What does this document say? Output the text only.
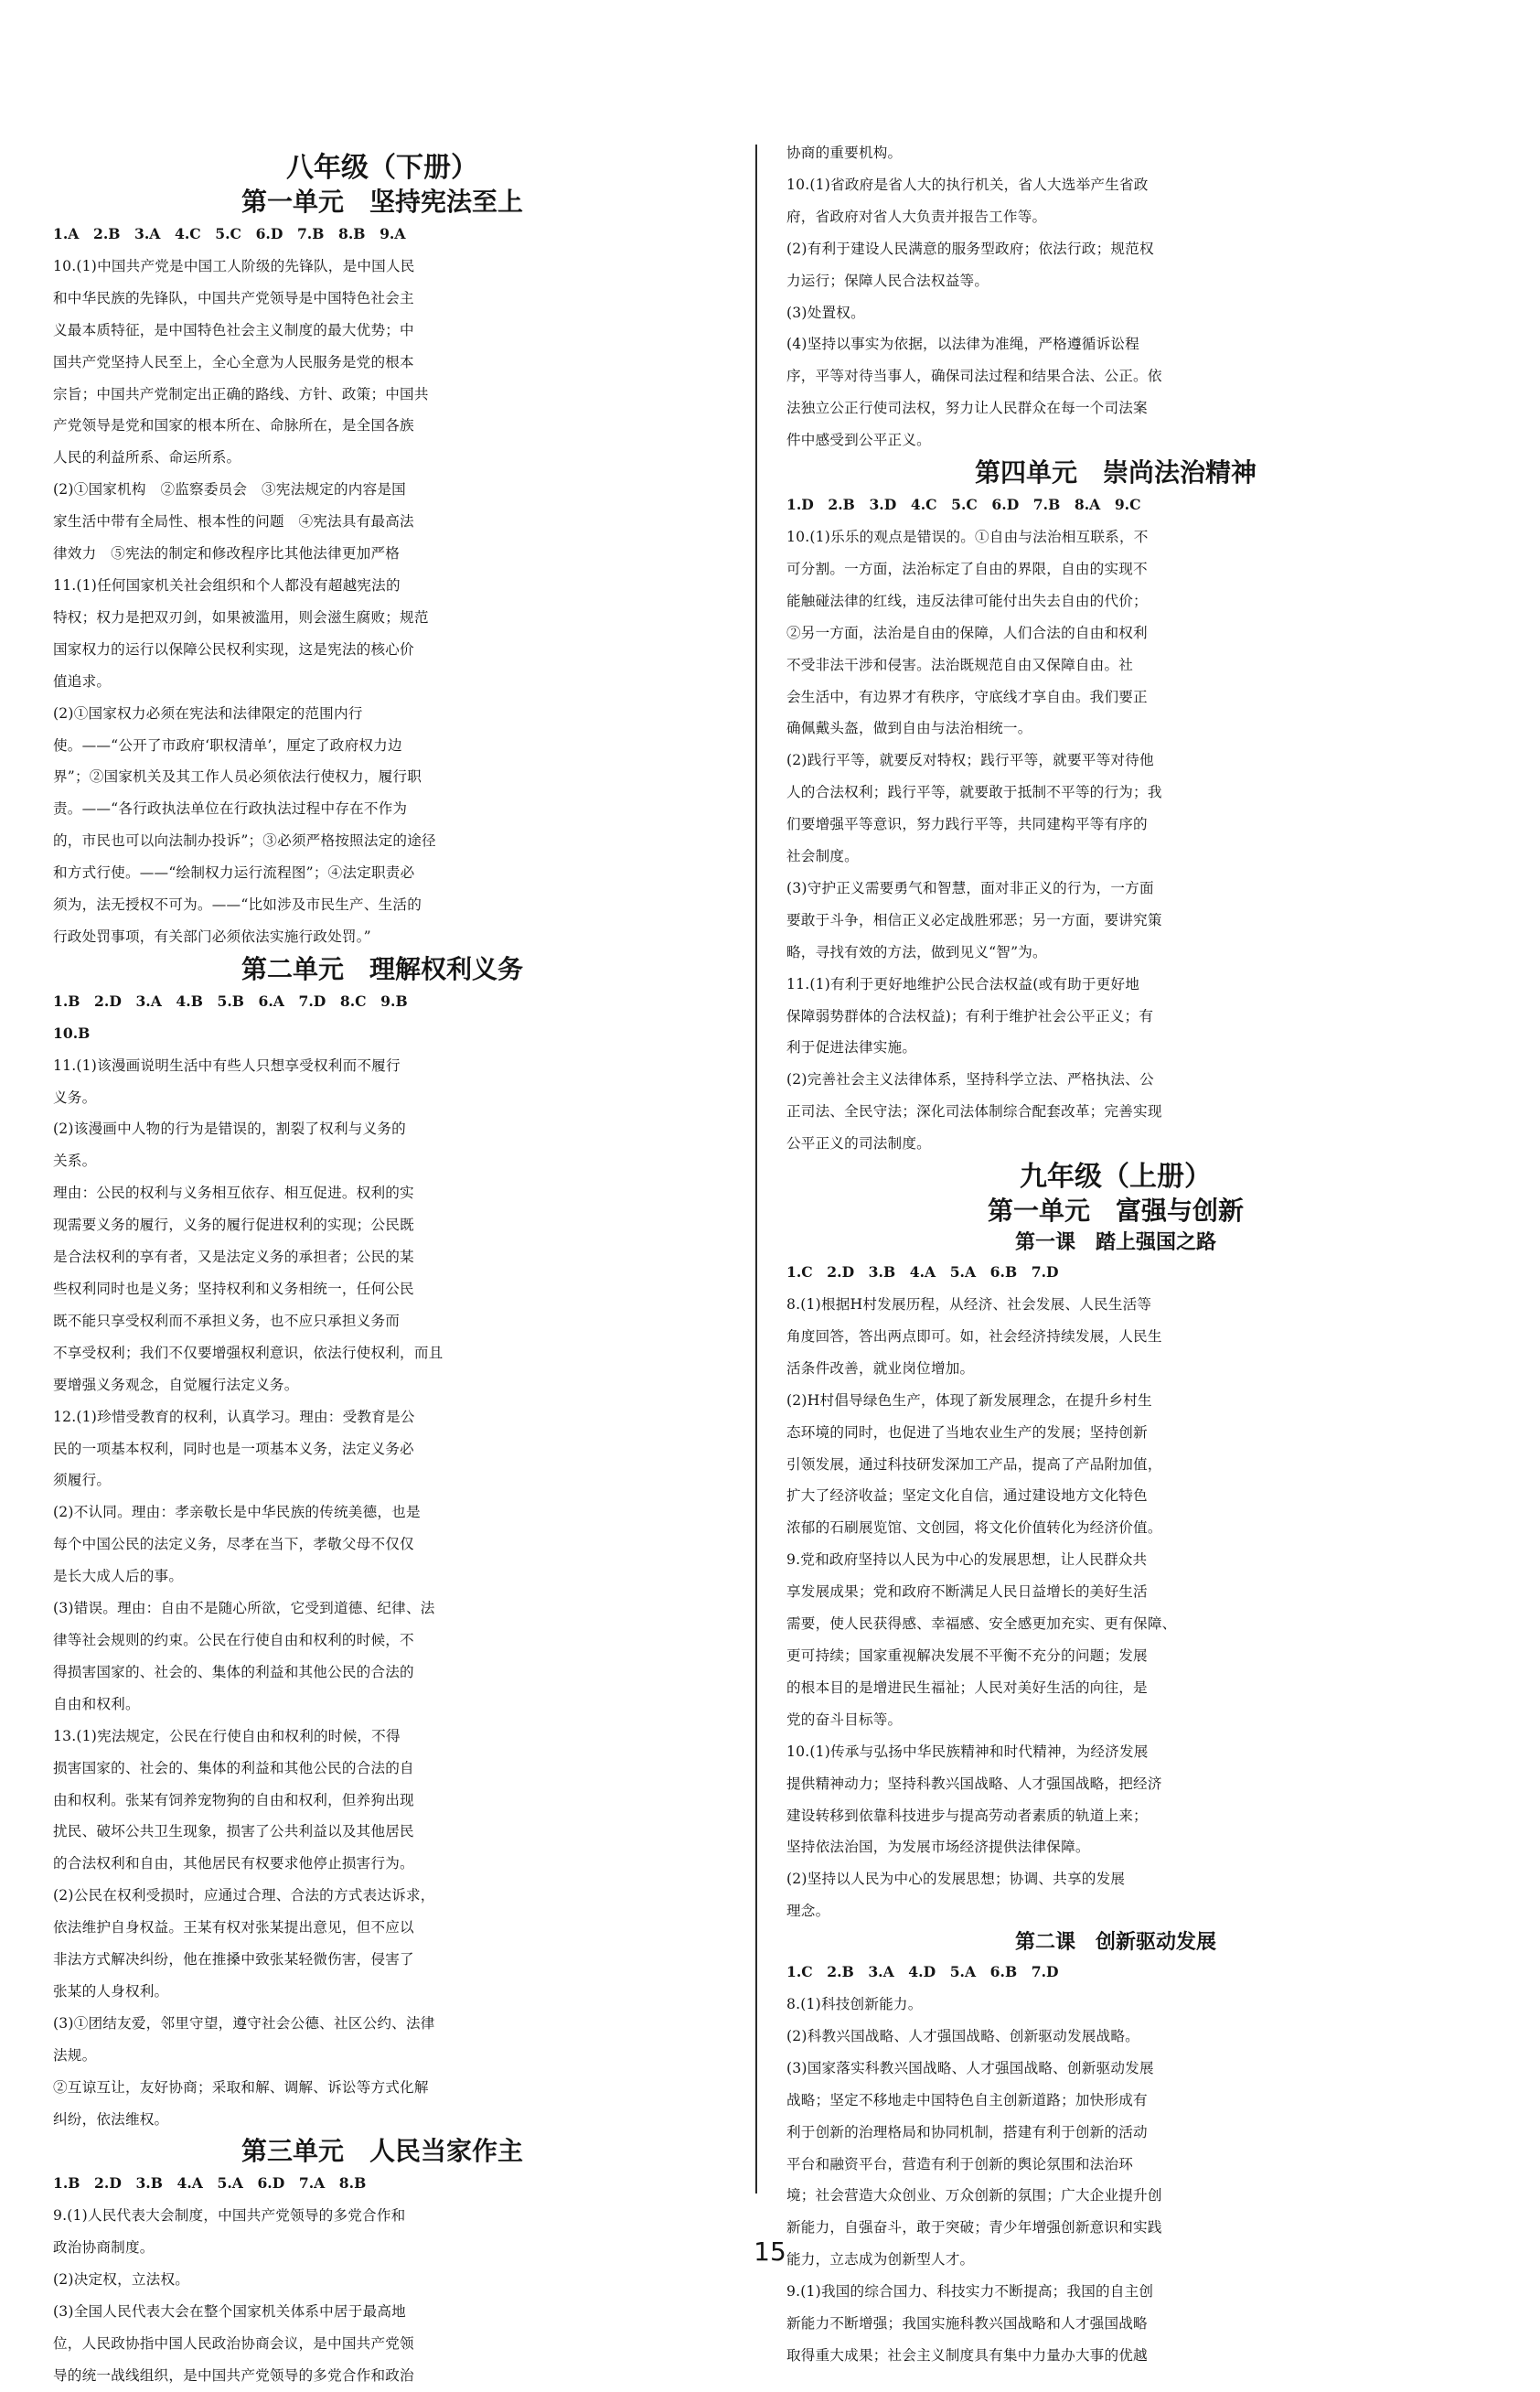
八年级（下册）

第一单元　坚持宪法至上

1.A　2.B　3.A　4.C　5.C　6.D　7.B　8.B　9.A

10.(1)中国共产党是中国工人阶级的先锋队，是中国人民

和中华民族的先锋队，中国共产党领导是中国特色社会主

义最本质特征，是中国特色社会主义制度的最大优势；中

国共产党坚持人民至上，全心全意为人民服务是党的根本

宗旨；中国共产党制定出正确的路线、方针、政策；中国共

产党领导是党和国家的根本所在、命脉所在，是全国各族

人民的利益所系、命运所系。

(2)①国家机构　②监察委员会　③宪法规定的内容是国

家生活中带有全局性、根本性的问题　④宪法具有最高法

律效力　⑤宪法的制定和修改程序比其他法律更加严格

11.(1)任何国家机关社会组织和个人都没有超越宪法的

特权；权力是把双刃剑，如果被滥用，则会滋生腐败；规范

国家权力的运行以保障公民权利实现，这是宪法的核心价

值追求。

(2)①国家权力必须在宪法和法律限定的范围内行

使。——“公开了市政府‘职权清单’，厘定了政府权力边

界”；②国家机关及其工作人员必须依法行使权力，履行职

责。——“各行政执法单位在行政执法过程中存在不作为

的，市民也可以向法制办投诉”；③必须严格按照法定的途径

和方式行使。——“绘制权力运行流程图”；④法定职责必

须为，法无授权不可为。——“比如涉及市民生产、生活的

行政处罚事项，有关部门必须依法实施行政处罚。”

第二单元　理解权利义务

1.B　2.D　3.A　4.B　5.B　6.A　7.D　8.C　9.B

10.B

11.(1)该漫画说明生活中有些人只想享受权利而不履行

义务。

(2)该漫画中人物的行为是错误的，割裂了权利与义务的

关系。

理由：公民的权利与义务相互依存、相互促进。权利的实

现需要义务的履行，义务的履行促进权利的实现；公民既

是合法权利的享有者，又是法定义务的承担者；公民的某

些权利同时也是义务；坚持权利和义务相统一，任何公民

既不能只享受权利而不承担义务，也不应只承担义务而

不享受权利；我们不仅要增强权利意识，依法行使权利，而且

要增强义务观念，自觉履行法定义务。

12.(1)珍惜受教育的权利，认真学习。理由：受教育是公

民的一项基本权利，同时也是一项基本义务，法定义务必

须履行。

(2)不认同。理由：孝亲敬长是中华民族的传统美德，也是

每个中国公民的法定义务，尽孝在当下，孝敬父母不仅仅

是长大成人后的事。

(3)错误。理由：自由不是随心所欲，它受到道德、纪律、法

律等社会规则的约束。公民在行使自由和权利的时候，不

得损害国家的、社会的、集体的利益和其他公民的合法的

自由和权利。

13.(1)宪法规定，公民在行使自由和权利的时候，不得

损害国家的、社会的、集体的利益和其他公民的合法的自

由和权利。张某有饲养宠物狗的自由和权利，但养狗出现

扰民、破坏公共卫生现象，损害了公共利益以及其他居民

的合法权利和自由，其他居民有权要求他停止损害行为。

(2)公民在权利受损时，应通过合理、合法的方式表达诉求，

依法维护自身权益。王某有权对张某提出意见，但不应以

非法方式解决纠纷，他在推搡中致张某轻微伤害，侵害了

张某的人身权利。

(3)①团结友爱，邻里守望，遵守社会公德、社区公约、法律

法规。

②互谅互让，友好协商；采取和解、调解、诉讼等方式化解

纠纷，依法维权。

第三单元　人民当家作主

1.B　2.D　3.B　4.A　5.A　6.D　7.A　8.B

9.(1)人民代表大会制度，中国共产党领导的多党合作和

政治协商制度。

(2)决定权，立法权。

(3)全国人民代表大会在整个国家机关体系中居于最高地

位，人民政协指中国人民政治协商会议，是中国共产党领

导的统一战线组织，是中国共产党领导的多党合作和政治

协商的重要机构。

10.(1)省政府是省人大的执行机关，省人大选举产生省政

府，省政府对省人大负责并报告工作等。

(2)有利于建设人民满意的服务型政府；依法行政；规范权

力运行；保障人民合法权益等。

(3)处置权。

(4)坚持以事实为依据，以法律为准绳，严格遵循诉讼程

序，平等对待当事人，确保司法过程和结果合法、公正。依

法独立公正行使司法权，努力让人民群众在每一个司法案

件中感受到公平正义。

第四单元　崇尚法治精神

1.D　2.B　3.D　4.C　5.C　6.D　7.B　8.A　9.C

10.(1)乐乐的观点是错误的。①自由与法治相互联系，不

可分割。一方面，法治标定了自由的界限，自由的实现不

能触碰法律的红线，违反法律可能付出失去自由的代价；

②另一方面，法治是自由的保障，人们合法的自由和权利

不受非法干涉和侵害。法治既规范自由又保障自由。社

会生活中，有边界才有秩序，守底线才享自由。我们要正

确佩戴头盔，做到自由与法治相统一。

(2)践行平等，就要反对特权；践行平等，就要平等对待他

人的合法权利；践行平等，就要敢于抵制不平等的行为；我

们要增强平等意识，努力践行平等，共同建构平等有序的

社会制度。

(3)守护正义需要勇气和智慧，面对非正义的行为，一方面

要敢于斗争，相信正义必定战胜邪恶；另一方面，要讲究策

略，寻找有效的方法，做到见义“智”为。

11.(1)有利于更好地维护公民合法权益(或有助于更好地

保障弱势群体的合法权益)；有利于维护社会公平正义；有

利于促进法律实施。

(2)完善社会主义法律体系，坚持科学立法、严格执法、公

正司法、全民守法；深化司法体制综合配套改革；完善实现

公平正义的司法制度。

九年级（上册）

第一单元　富强与创新

第一课　踏上强国之路

1.C　2.D　3.B　4.A　5.A　6.B　7.D

8.(1)根据H村发展历程，从经济、社会发展、人民生活等

角度回答，答出两点即可。如，社会经济持续发展，人民生

活条件改善，就业岗位增加。

(2)H村倡导绿色生产，体现了新发展理念，在提升乡村生

态环境的同时，也促进了当地农业生产的发展；坚持创新

引领发展，通过科技研发深加工产品，提高了产品附加值，

扩大了经济收益；坚定文化自信，通过建设地方文化特色

浓郁的石刷展览馆、文创园，将文化价值转化为经济价值。

9.党和政府坚持以人民为中心的发展思想，让人民群众共

享发展成果；党和政府不断满足人民日益增长的美好生活

需要，使人民获得感、幸福感、安全感更加充实、更有保障、

更可持续；国家重视解决发展不平衡不充分的问题；发展

的根本目的是增进民生福祉；人民对美好生活的向往，是

党的奋斗目标等。

10.(1)传承与弘扬中华民族精神和时代精神，为经济发展

提供精神动力；坚持科教兴国战略、人才强国战略，把经济

建设转移到依靠科技进步与提高劳动者素质的轨道上来；

坚持依法治国，为发展市场经济提供法律保障。

(2)坚持以人民为中心的发展思想；协调、共享的发展

理念。

第二课　创新驱动发展

1.C　2.B　3.A　4.D　5.A　6.B　7.D

8.(1)科技创新能力。

(2)科教兴国战略、人才强国战略、创新驱动发展战略。

(3)国家落实科教兴国战略、人才强国战略、创新驱动发展

战略；坚定不移地走中国特色自主创新道路；加快形成有

利于创新的治理格局和协同机制，搭建有利于创新的活动

平台和融资平台，营造有利于创新的舆论氛围和法治环

境；社会营造大众创业、万众创新的氛围；广大企业提升创

新能力，自强奋斗，敢于突破；青少年增强创新意识和实践

能力，立志成为创新型人才。

9.(1)我国的综合国力、科技实力不断提高；我国的自主创

新能力不断增强；我国实施科教兴国战略和人才强国战略

取得重大成果；社会主义制度具有集中力量办大事的优越

15
